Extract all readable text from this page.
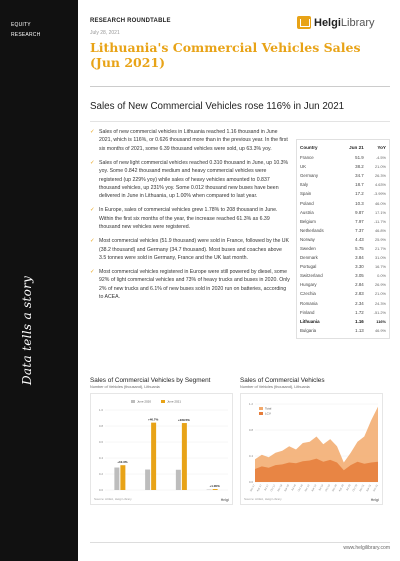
EQUITY
RESEARCH
Data tells a story
RESEARCH ROUNDTABLE
July 28, 2021
HelgiLibrary
Lithuania's Commercial Vehicles Sales (Jun 2021)
Sales of New Commercial Vehicles rose 116% in Jun 2021
✓ Sales of new commercial vehicles in Lithuania reached 1.16 thousand in June 2021, which is 116%, or 0.626 thousand more than in the previous year. In the first six months of 2021, some 6.39 thousand vehicles were sold, up 63.3% yoy.
✓ Sales of new light commercial vehicles reached 0.310 thousand in June, up 10.3% yoy. Some 0.842 thousand medium and heavy commercial vehicles were registered (up 229% yoy) while sales of heavy vehicles amounted to 0.837 thousand vehicles, up 231% yoy. Some 0.012 thousand new buses have been delivered in June in Lithuania, up 1.00% when compared to last year.
✓ In Europe, sales of commercial vehicles grew 1.78% to 208 thousand in June. Within the first six months of the year, the increase reached 61.3% as 6.39 thousand new vehicles were registered.
✓ Most commercial vehicles (51.9 thousand) were sold in France, followed by the UK (38.2 thousand) and Germany (34.7 thousand). Most buses and coaches above 3.5 tonnes were sold in Germany, France and the UK last month.
✓ Most commercial vehicles registered in Europe were still powered by diesel, some 92% of light commercial vehicles and 73% of heavy trucks and buses in 2020. Only 2% of new trucks and 6.1% of new buses sold in 2020 run on batteries, according to ACEA.
Country	Jun 21	YoY
France	51.9	-4.5%
UK	38.2	21.0%
Germany	34.7	26.3%
Italy	18.7	4.63%
Spain	17.2	-3.99%
Poland	10.3	46.0%
Austria	9.87	17.1%
Belgium	7.97	-11.7%
Netherlands	7.37	46.8%
Norway	4.43	25.9%
Sweden	5.75	21.7%
Denmark	3.84	31.0%
Portugal	3.30	16.7%
Switzerland	3.05	0.0%
Hungary	2.84	26.9%
Czechia	2.83	21.0%
Romania	2.34	24.3%
Finland	1.72	-51.2%
Lithuania	1.16	116%
Bulgaria	1.13	46.9%
Sales of Commercial Vehicles by Segment
Number of Vehicles (thousand), Lithuania
0.0
0.2
0.4
0.6
0.8
1.0
June 2020	June 2021
+10.3%
+40.7%	+229.5%
+1.00%
Source: ACEA, Helgi Library	Helgi
Sales of Commercial Vehicles
Number of Vehicles (thousand), Lithuania
0.0
0.4
0.8
1.2
Total
LCV
Jan 17 Apr 17 Jul 17 Oct 17 Jan 18 Apr 18 Jul 18 Oct 18 Jan 19 Apr 19 Jul 19 Oct 19 Jan 20 Apr 20 Jul 20 Oct 20 Jan 21 Apr 21 Jun 21
Source: ACEA, Helgi Library	Helgi
www.helgilibrary.com
